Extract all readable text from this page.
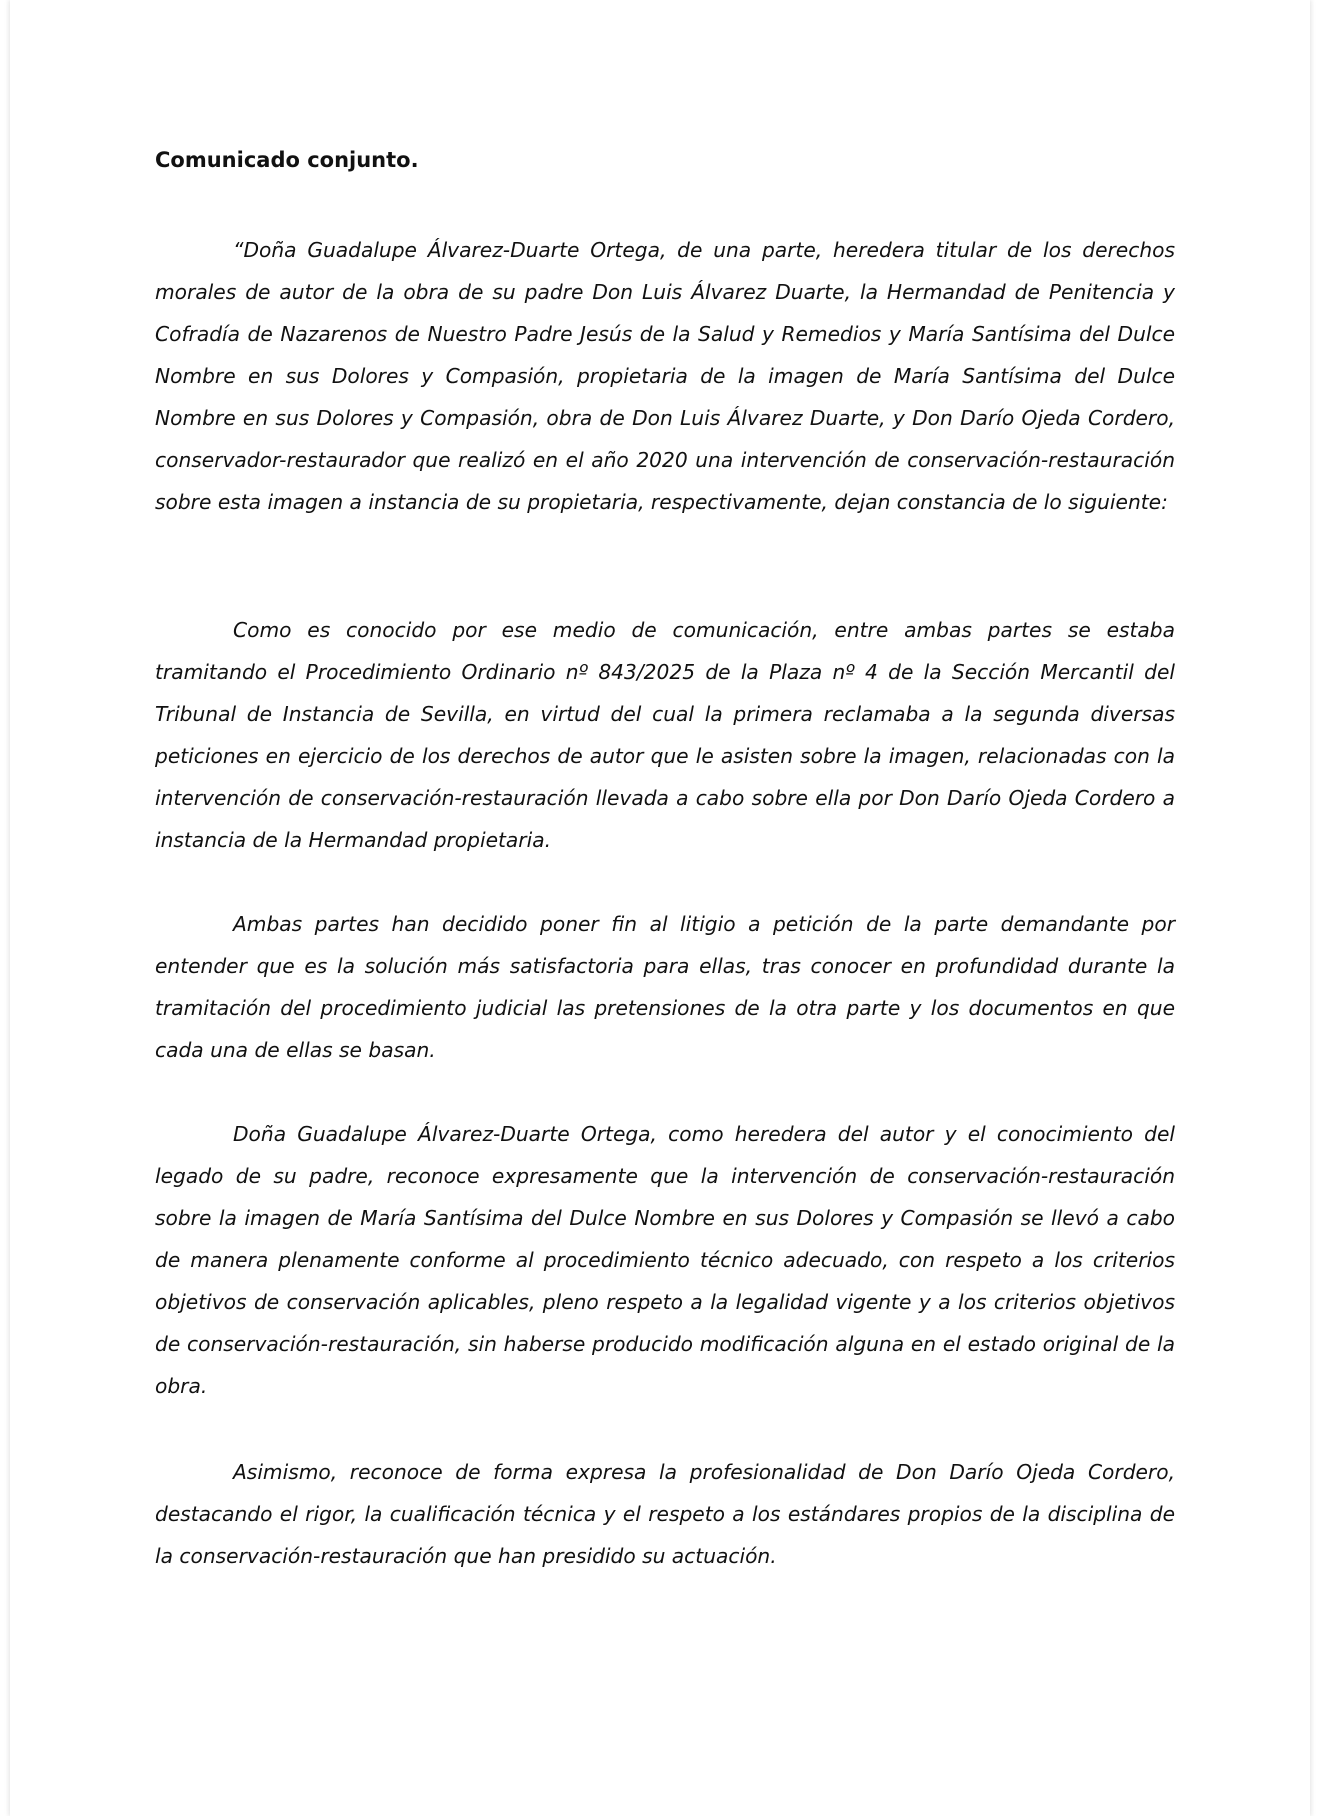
Comunicado conjunto.

“Doña Guadalupe Álvarez-Duarte Ortega, de una parte, heredera titular de los derechos morales de autor de la obra de su padre Don Luis Álvarez Duarte, la Hermandad de Penitencia y Cofradía de Nazarenos de Nuestro Padre Jesús de la Salud y Remedios y María Santísima del Dulce Nombre en sus Dolores y Compasión, propietaria de la imagen de María Santísima del Dulce Nombre en sus Dolores y Compasión, obra de Don Luis Álvarez Duarte, y Don Darío Ojeda Cordero, conservador-restaurador que realizó en el año 2020 una intervención de conservación-restauración sobre esta imagen a instancia de su propietaria, respectivamente, dejan constancia de lo siguiente:

Como es conocido por ese medio de comunicación, entre ambas partes se estaba tramitando el Procedimiento Ordinario nº 843/2025 de la Plaza nº 4 de la Sección Mercantil del Tribunal de Instancia de Sevilla, en virtud del cual la primera reclamaba a la segunda diversas peticiones en ejercicio de los derechos de autor que le asisten sobre la imagen, relacionadas con la intervención de conservación-restauración llevada a cabo sobre ella por Don Darío Ojeda Cordero a instancia de la Hermandad propietaria.

Ambas partes han decidido poner fin al litigio a petición de la parte demandante por entender que es la solución más satisfactoria para ellas, tras conocer en profundidad durante la tramitación del procedimiento judicial las pretensiones de la otra parte y los documentos en que cada una de ellas se basan.

Doña Guadalupe Álvarez-Duarte Ortega, como heredera del autor y el conocimiento del legado de su padre, reconoce expresamente que la intervención de conservación-restauración sobre la imagen de María Santísima del Dulce Nombre en sus Dolores y Compasión se llevó a cabo de manera plenamente conforme al procedimiento técnico adecuado, con respeto a los criterios objetivos de conservación aplicables, pleno respeto a la legalidad vigente y a los criterios objetivos de conservación-restauración, sin haberse producido modificación alguna en el estado original de la obra.

Asimismo, reconoce de forma expresa la profesionalidad de Don Darío Ojeda Cordero, destacando el rigor, la cualificación técnica y el respeto a los estándares propios de la disciplina de la conservación-restauración que han presidido su actuación.
